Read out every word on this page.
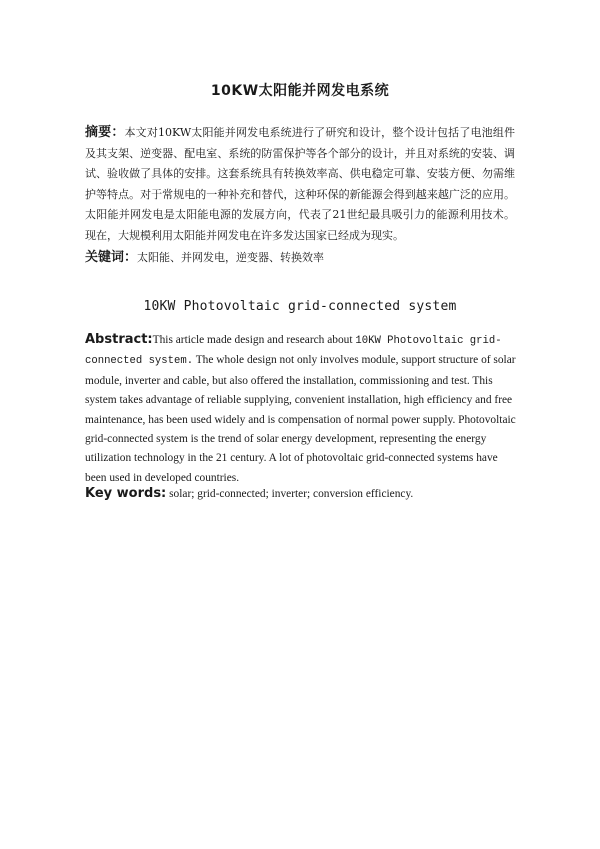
10KW太阳能并网发电系统
摘要：本文对10KW太阳能并网发电系统进行了研究和设计，整个设计包括了电池组件及其支架、逆变器、配电室、系统的防雷保护等各个部分的设计，并且对系统的安装、调试、验收做了具体的安排。这套系统具有转换效率高、供电稳定可靠、安装方便、勿需维护等特点。对于常规电的一种补充和替代，这种环保的新能源会得到越来越广泛的应用。太阳能并网发电是太阳能电源的发展方向，代表了21世纪最具吸引力的能源利用技术。现在，大规模利用太阳能并网发电在许多发达国家已经成为现实。
关键词：太阳能、并网发电，逆变器、转换效率
10KW Photovoltaic grid-connected system
Abstract:This article made design and research about 10KW Photovoltaic grid-connected system. The whole design not only involves module, support structure of solar module, inverter and cable, but also offered the installation, commissioning and test. This system takes advantage of reliable supplying, convenient installation, high efficiency and free maintenance, has been used widely and is compensation of normal power supply. Photovoltaic grid-connected system is the trend of solar energy development, representing the energy utilization technology in the 21 century. A lot of photovoltaic grid-connected systems have been used in developed countries.
Key words: solar; grid-connected; inverter; conversion efficiency.
